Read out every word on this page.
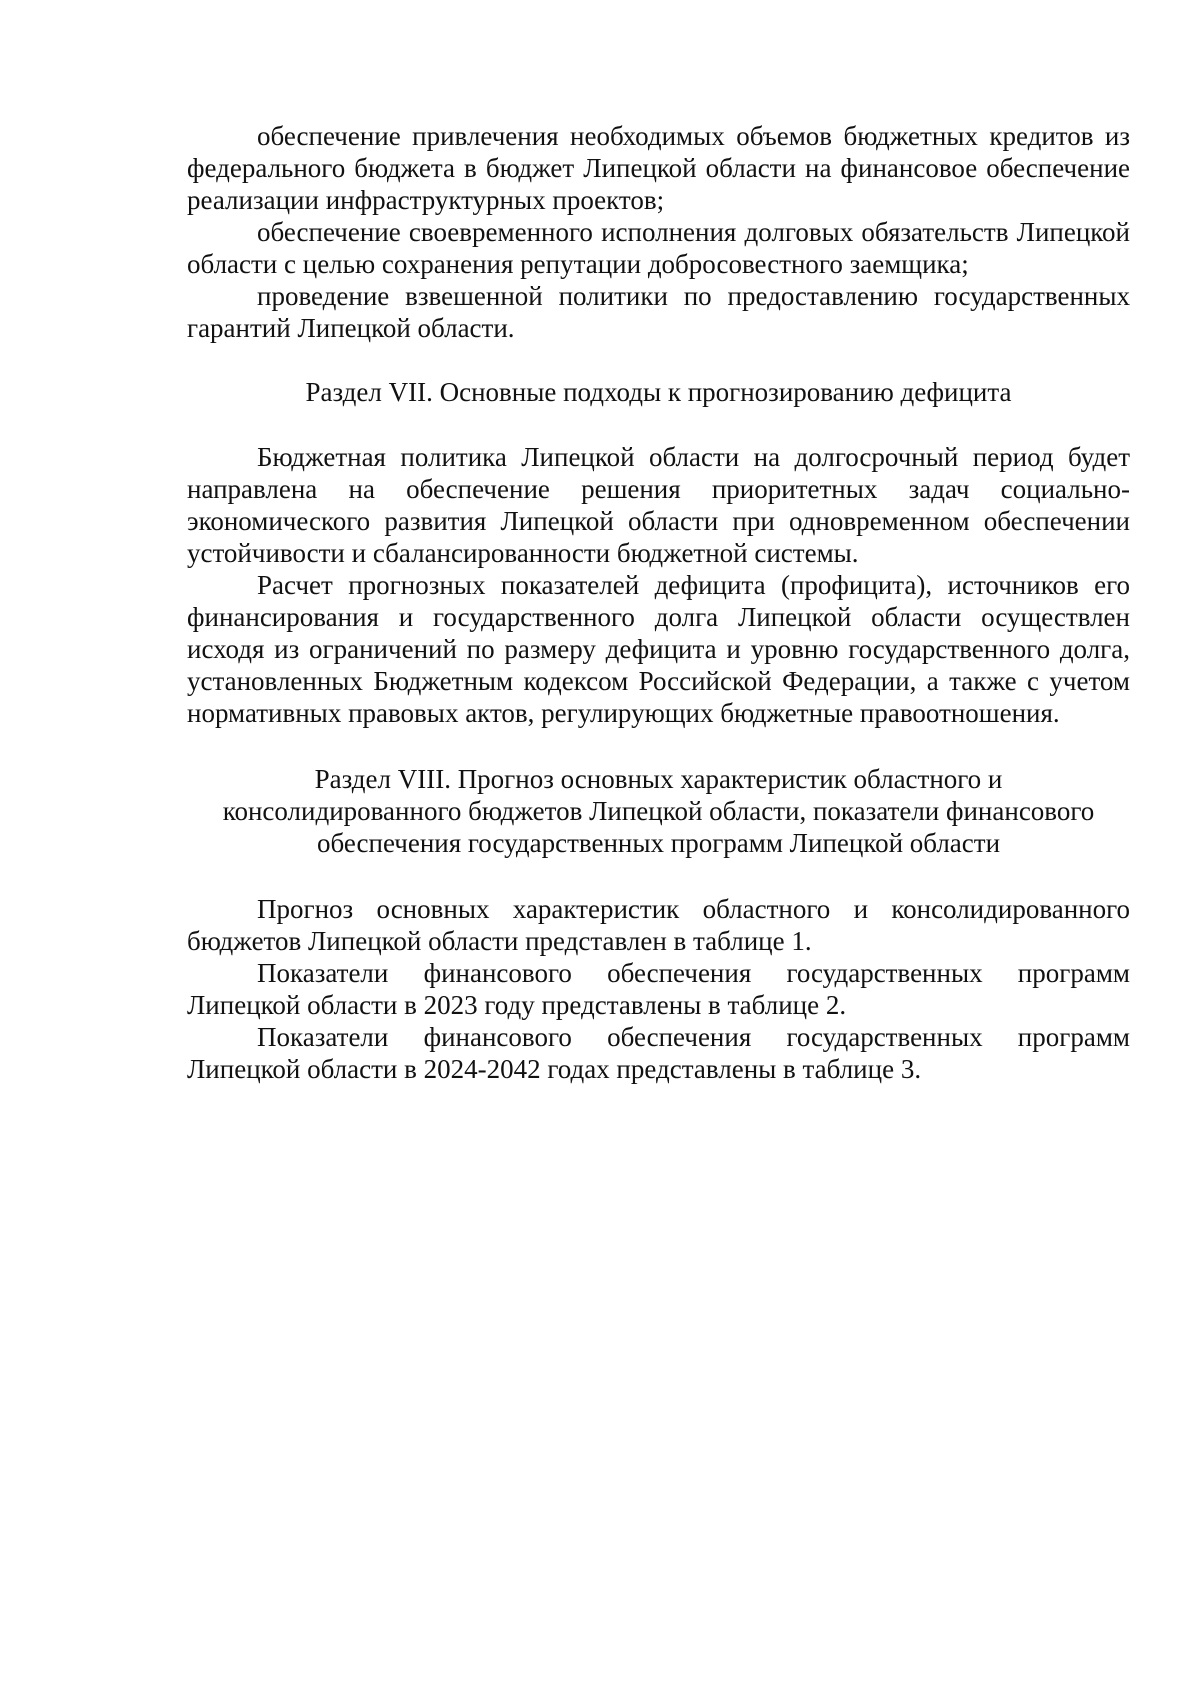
обеспечение привлечения необходимых объемов бюджетных кредитов из федерального бюджета в бюджет Липецкой области на финансовое обеспечение реализации инфраструктурных проектов;

обеспечение своевременного исполнения долговых обязательств Липецкой области с целью сохранения репутации добросовестного заемщика;

проведение взвешенной политики по предоставлению государственных гарантий Липецкой области.

Раздел VII. Основные подходы к прогнозированию дефицита

Бюджетная политика Липецкой области на долгосрочный период будет направлена на обеспечение решения приоритетных задач социально-экономического развития Липецкой области при одновременном обеспечении устойчивости и сбалансированности бюджетной системы.

Расчет прогнозных показателей дефицита (профицита), источников его финансирования и государственного долга Липецкой области осуществлен исходя из ограничений по размеру дефицита и уровню государственного долга, установленных Бюджетным кодексом Российской Федерации, а также с учетом нормативных правовых актов, регулирующих бюджетные правоотношения.

Раздел VIII. Прогноз основных характеристик областного и
консолидированного бюджетов Липецкой области, показатели финансового
обеспечения государственных программ Липецкой области

Прогноз основных характеристик областного и консолидированного бюджетов Липецкой области представлен в таблице 1.

Показатели финансового обеспечения государственных программ Липецкой области в 2023 году представлены в таблице 2.

Показатели финансового обеспечения государственных программ Липецкой области в 2024-2042 годах представлены в таблице 3.
